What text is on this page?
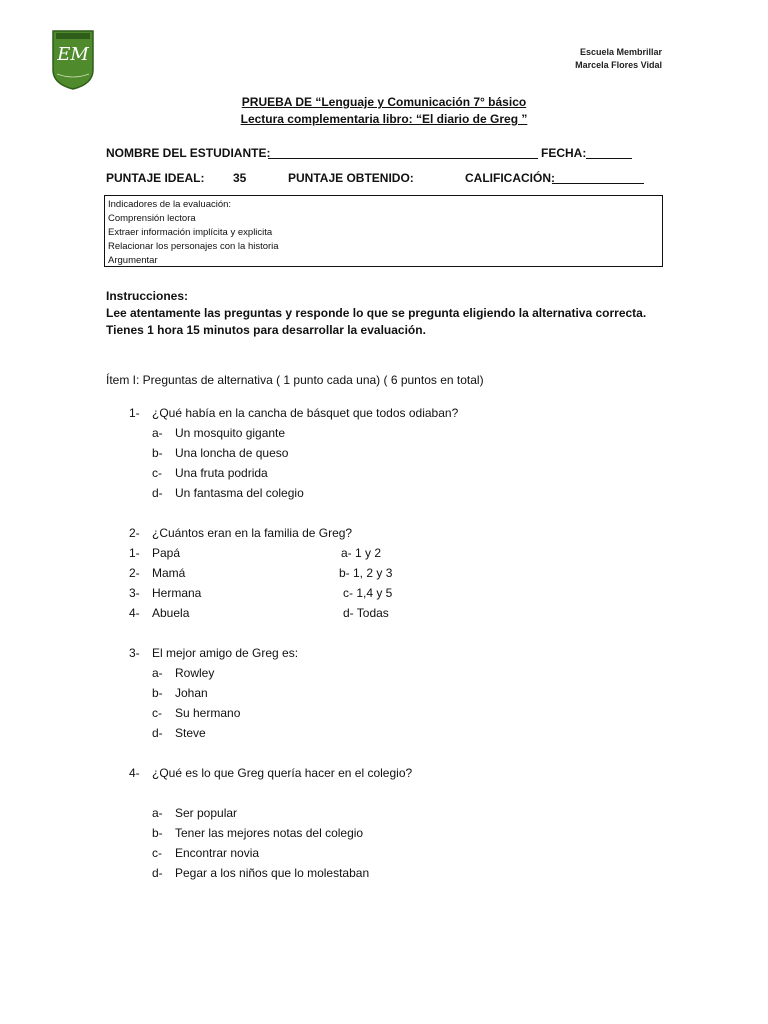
EM	Escuela Membrillar
Marcela Flores Vidal
PRUEBA DE “Lenguaje y Comunicación 7° básico
Lectura complementaria libro: “El diario de Greg ”
NOMBRE DEL ESTUDIANTE:	FECHA:
PUNTAJE IDEAL: 35	PUNTAJE OBTENIDO:	CALIFICACIÓN:
Indicadores de la evaluación:
Comprensión lectora
Extraer información implícita y explicita
Relacionar los personajes con la historia
Argumentar
Instrucciones:
Lee atentamente las preguntas y responde lo que se pregunta eligiendo la alternativa correcta.
Tienes 1 hora 15 minutos para desarrollar la evaluación.
Ítem I: Preguntas de alternativa ( 1 punto cada una) ( 6 puntos en total)
1- ¿Qué había en la cancha de básquet que todos odiaban?
a- Un mosquito gigante
b- Una loncha de queso
c- Una fruta podrida
d- Un fantasma del colegio
2- ¿Cuántos eran en la familia de Greg?
1- Papá	a- 1 y 2
2- Mamá	b- 1, 2 y 3
3- Hermana	c- 1,4 y 5
4- Abuela	d- Todas
3- El mejor amigo de Greg es:
a- Rowley
b- Johan
c- Su hermano
d- Steve
4- ¿Qué es lo que Greg quería hacer en el colegio?
a- Ser popular
b- Tener las mejores notas del colegio
c- Encontrar novia
d- Pegar a los niños que lo molestaban
